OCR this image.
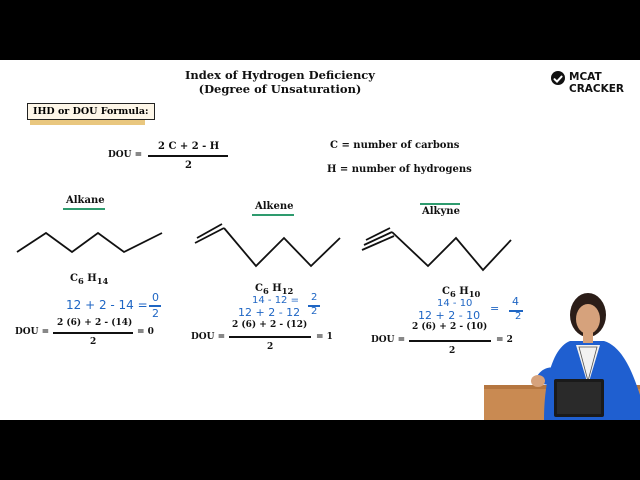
Index of Hydrogen Deficiency
(Degree of Unsaturation)
MCAT CRACKER
IHD or DOU Formula:
DOU =
2 C + 2 - H
2
C = number of carbons
H = number of hydrogens
Alkane
Alkene	Alkyne
$C_6$ $H_{14}$
$C_6$ $H_{12}$	$C_6$ $H_{10}$
12 + 2 - 14 =
0
2
14 - 12 =
12 + 2 - 12
2
2
14 - 10
12 + 2 - 10
=
4
2
DOU =
2 (6) + 2 - (14)
2
= 0	DOU =
2 (6) + 2 - (12)
2
= 1	DOU =
2 (6) + 2 - (10)
2
= 2
